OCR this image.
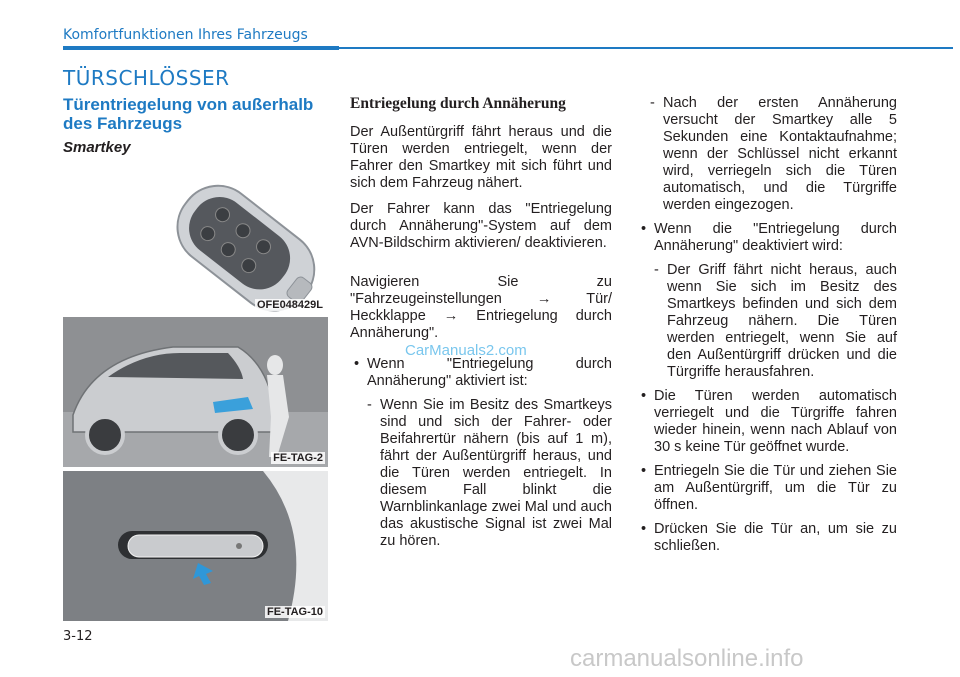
Komfortfunktionen Ihres Fahrzeugs
TÜRSCHLÖSSER
Türentriegelung von außerhalb des Fahrzeugs
Smartkey
OFE048429L
FE-TAG-2
FE-TAG-10
Entriegelung durch Annäherung

Der Außentürgriff fährt heraus und die Türen werden entriegelt, wenn der Fahrer den Smartkey mit sich führt und sich dem Fahrzeug nähert.

Der Fahrer kann das "Entriegelung durch Annäherung"-System auf dem AVN-Bildschirm aktivieren/ deaktivieren.

Navigieren Sie zu "Fahrzeugeinstellungen → Tür/ Heckklappe → Entriegelung durch Annäherung".

• Wenn "Entriegelung durch Annäherung" aktiviert ist:
- Wenn Sie im Besitz des Smartkeys sind und sich der Fahrer- oder Beifahrertür nähern (bis auf 1 m), fährt der Außentürgriff heraus, und die Türen werden entriegelt. In diesem Fall blinkt die Warnblinkanlage zwei Mal und auch das akustische Signal ist zwei Mal zu hören.
- Nach der ersten Annäherung versucht der Smartkey alle 5 Sekunden eine Kontaktaufnahme; wenn der Schlüssel nicht erkannt wird, verriegeln sich die Türen automatisch, und die Türgriffe werden eingezogen.
• Wenn die "Entriegelung durch Annäherung" deaktiviert wird:
- Der Griff fährt nicht heraus, auch wenn Sie sich im Besitz des Smartkeys befinden und sich dem Fahrzeug nähern. Die Türen werden entriegelt, wenn Sie auf den Außentürgriff drücken und die Türgriffe herausfahren.
• Die Türen werden automatisch verriegelt und die Türgriffe fahren wieder hinein, wenn nach Ablauf von 30 s keine Tür geöffnet wurde.
• Entriegeln Sie die Tür und ziehen Sie am Außentürgriff, um die Tür zu öffnen.
• Drücken Sie die Tür an, um sie zu schließen.
3-12
CarManuals2.com
carmanualsonline.info
